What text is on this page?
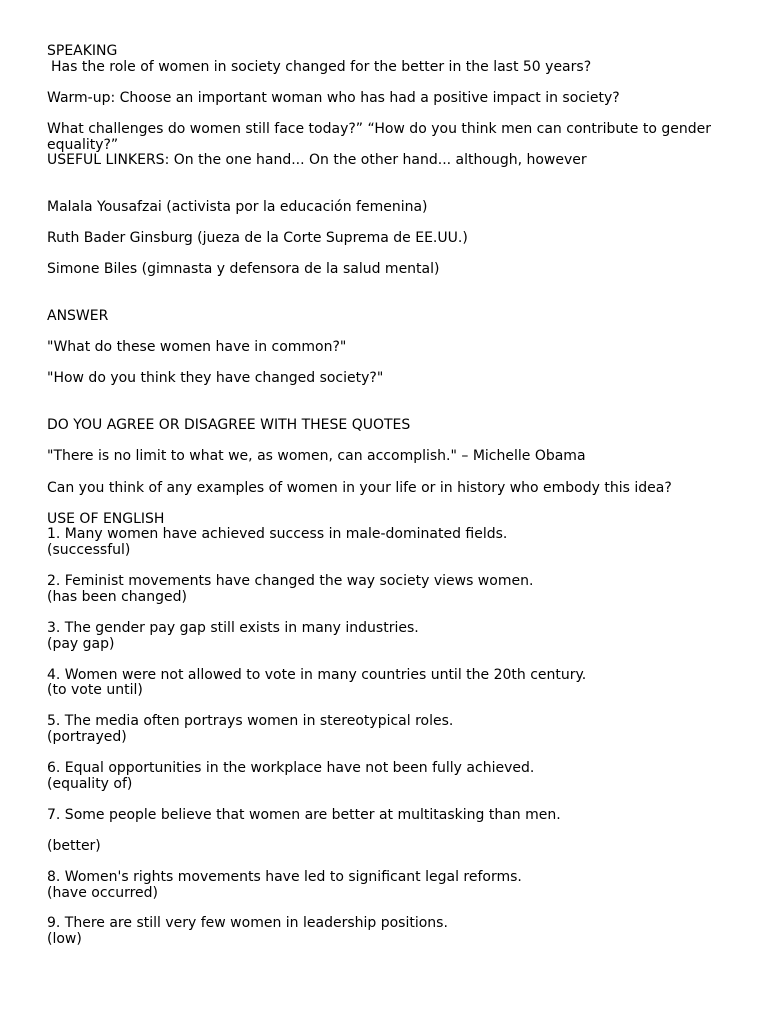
SPEAKING

Has the role of women in society changed for the better in the last 50 years?

Warm-up: Choose an important woman who has had a positive impact in society?

What challenges do women still face today?” “How do you think men can contribute to gender

equality?”

USEFUL LINKERS: On the one hand... On the other hand... although, however

Malala Yousafzai (activista por la educación femenina)

Ruth Bader Ginsburg (jueza de la Corte Suprema de EE.UU.)

Simone Biles (gimnasta y defensora de la salud mental)

ANSWER

"What do these women have in common?"

"How do you think they have changed society?"

DO YOU AGREE OR DISAGREE WITH THESE QUOTES

"There is no limit to what we, as women, can accomplish." – Michelle Obama

Can you think of any examples of women in your life or in history who embody this idea?

USE OF ENGLISH

1. Many women have achieved success in male-dominated fields.

(successful)

2. Feminist movements have changed the way society views women.

(has been changed)

3. The gender pay gap still exists in many industries.

(pay gap)

4. Women were not allowed to vote in many countries until the 20th century.

(to vote until)

5. The media often portrays women in stereotypical roles.

(portrayed)

6. Equal opportunities in the workplace have not been fully achieved.

(equality of)

7. Some people believe that women are better at multitasking than men.

(better)

8. Women's rights movements have led to significant legal reforms.

(have occurred)

9. There are still very few women in leadership positions.

(low)
